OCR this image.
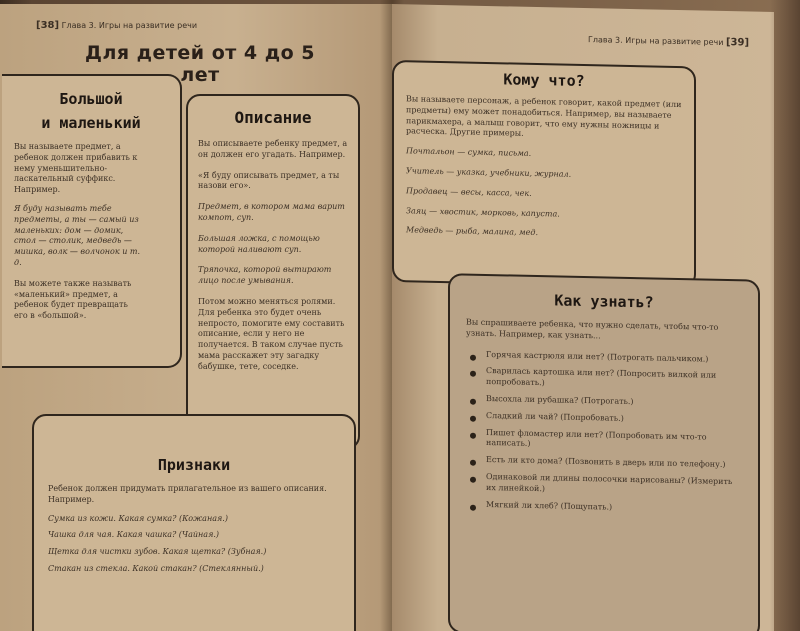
[38] Глава 3. Игры на развитие речи
Для детей от 4 до 5 лет
Большой
и маленький
Вы называете предмет, а ребенок должен прибавить к нему уменьшительно-ласкательный суффикс. Например.
Я буду называть тебе предметы, а ты — самый из маленьких: дом — домик, стол — столик, медведь — мишка, волк — волчонок и т. д.
Вы можете также называть «маленький» предмет, а ребенок будет превращать его в «большой».
Описание
Вы описываете ребенку предмет, а он должен его угадать. Например.
«Я буду описывать предмет, а ты назови его».
Предмет, в котором мама варит компот, суп.
Большая ложка, с помощью которой наливают суп.
Тряпочка, которой вытирают лицо после умывания.
Потом можно меняться ролями. Для ребенка это будет очень непросто, помогите ему составить описание, если у него не получается. В таком случае пусть мама расскажет эту загадку бабушке, тете, соседке.
Признаки
Ребенок должен придумать прилагательное из вашего описания. Например.
Сумка из кожи. Какая сумка? (Кожаная.)
Чашка для чая. Какая чашка? (Чайная.)
Щетка для чистки зубов. Какая щетка? (Зубная.)
Стакан из стекла. Какой стакан? (Стеклянный.)
Глава 3. Игры на развитие речи [39]
Кому что?
Вы называете персонаж, а ребенок говорит, какой предмет (или предметы) ему может понадобиться. Например, вы называете парикмахера, а малыш говорит, что ему нужны ножницы и расческа. Другие примеры.
Почтальон — сумка, письма.
Учитель — указка, учебники, журнал.
Продавец — весы, касса, чек.
Заяц — хвостик, морковь, капуста.
Медведь — рыба, малина, мед.
Как узнать?
Вы спрашиваете ребенка, что нужно сделать, чтобы что-то узнать. Например, как узнать...
Горячая кастрюля или нет? (Потрогать пальчиком.)
Сварилась картошка или нет? (Попросить вилкой или попробовать.)
Высохла ли рубашка? (Потрогать.)
Сладкий ли чай? (Попробовать.)
Пишет фломастер или нет? (Попробовать им что-то написать.)
Есть ли кто дома? (Позвонить в дверь или по телефону.)
Одинаковой ли длины полосочки нарисованы? (Измерить их линейкой.)
Мягкий ли хлеб? (Пощупать.)
